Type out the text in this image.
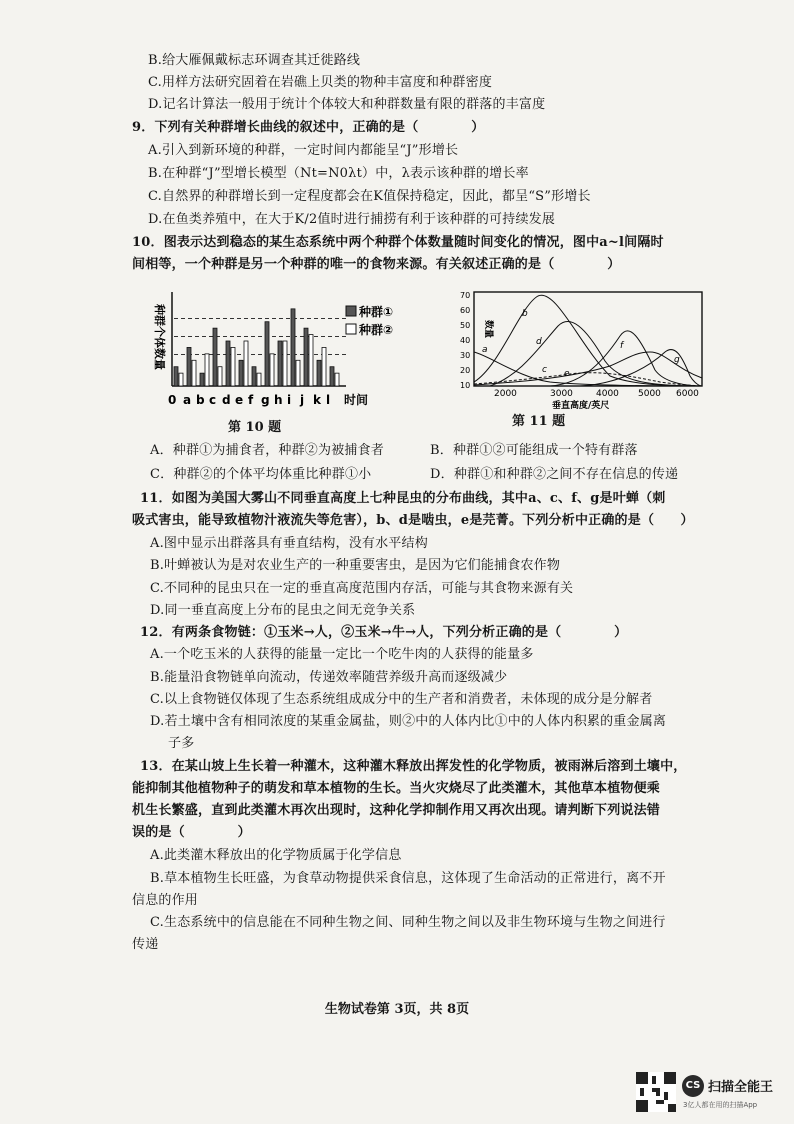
B.给大雁佩戴标志环调查其迁徙路线
C.用样方法研究固着在岩礁上贝类的物种丰富度和种群密度
D.记名计算法一般用于统计个体较大和种群数量有限的群落的丰富度
9．下列有关种群增长曲线的叙述中，正确的是（　　　　）
A.引入到新环境的种群，一定时间内都能呈“J”形增长
B.在种群“J”型增长模型（Nt=N0λt）中，λ表示该种群的增长率
C.自然界的种群增长到一定程度都会在K值保持稳定，因此，都呈“S”形增长
D.在鱼类养殖中，在大于K/2值时进行捕捞有利于该种群的可持续发展
10．图表示达到稳态的某生态系统中两个种群个体数量随时间变化的情况，图中a~l间隔时
间相等，一个种群是另一个种群的唯一的食物来源。有关叙述正确的是（　　　　）
种群个体数量
0 a b c d e f g h i j k l 时间
种群①
种群②
第 10 题
70
60
50
40
30
20
10
数量
a
b
c
d
e
f
g
2000	3000	4000 5000 6000
垂直高度/英尺
第 11 题
A．种群①为捕食者，种群②为被捕食者	B．种群①②可能组成一个特有群落
C．种群②的个体平均体重比种群①小	D．种群①和种群②之间不存在信息的传递
11．如图为美国大雾山不同垂直高度上七种昆虫的分布曲线，其中a、c、f、g是叶蝉（刺
吸式害虫，能导致植物汁液流失等危害），b、d是啮虫，e是芫菁。下列分析中正确的是（　　）
A.图中显示出群落具有垂直结构，没有水平结构
B.叶蝉被认为是对农业生产的一种重要害虫，是因为它们能捕食农作物
C.不同种的昆虫只在一定的垂直高度范围内存活，可能与其食物来源有关
D.同一垂直高度上分布的昆虫之间无竞争关系
12．有两条食物链：①玉米→人，②玉米→牛→人，下列分析正确的是（　　　　）
A.一个吃玉米的人获得的能量一定比一个吃牛肉的人获得的能量多
B.能量沿食物链单向流动，传递效率随营养级升高而逐级减少
C.以上食物链仅体现了生态系统组成成分中的生产者和消费者，未体现的成分是分解者
D.若土壤中含有相同浓度的某重金属盐，则②中的人体内比①中的人体内积累的重金属离
子多
13．在某山坡上生长着一种灌木，这种灌木释放出挥发性的化学物质，被雨淋后溶到土壤中，
能抑制其他植物种子的萌发和草本植物的生长。当火灾烧尽了此类灌木，其他草本植物便乘
机生长繁盛，直到此类灌木再次出现时，这种化学抑制作用又再次出现。请判断下列说法错
误的是（　　　　）
A.此类灌木释放出的化学物质属于化学信息
B.草本植物生长旺盛，为食草动物提供采食信息，这体现了生命活动的正常进行，离不开
信息的作用
C.生态系统中的信息能在不同种生物之间、同种生物之间以及非生物环境与生物之间进行
传递
生物试卷第 3页，共 8页
CS 扫描全能王
3亿人都在用的扫描App
